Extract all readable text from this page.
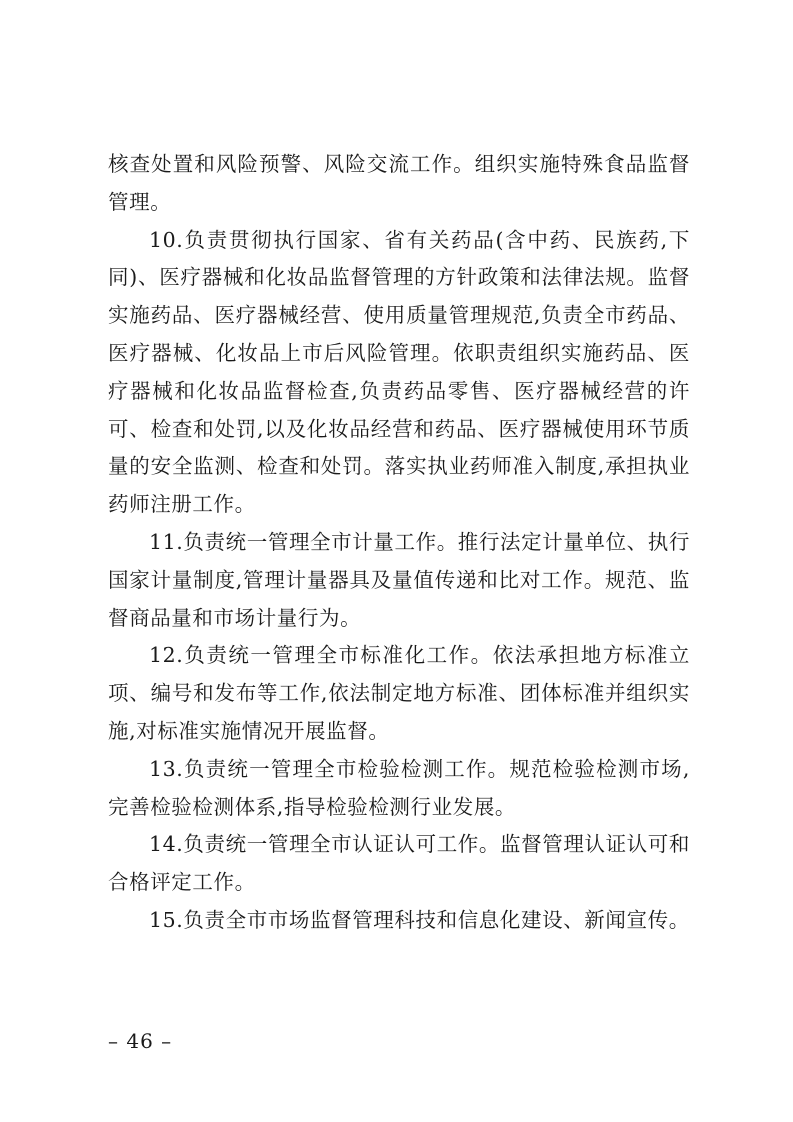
核查处置和风险预警、风险交流工作。组织实施特殊食品监督管理。

10.负责贯彻执行国家、省有关药品(含中药、民族药,下同)、医疗器械和化妆品监督管理的方针政策和法律法规。监督实施药品、医疗器械经营、使用质量管理规范,负责全市药品、医疗器械、化妆品上市后风险管理。依职责组织实施药品、医疗器械和化妆品监督检查,负责药品零售、医疗器械经营的许可、检查和处罚,以及化妆品经营和药品、医疗器械使用环节质量的安全监测、检查和处罚。落实执业药师准入制度,承担执业药师注册工作。

11.负责统一管理全市计量工作。推行法定计量单位、执行国家计量制度,管理计量器具及量值传递和比对工作。规范、监督商品量和市场计量行为。

12.负责统一管理全市标准化工作。依法承担地方标准立项、编号和发布等工作,依法制定地方标准、团体标准并组织实施,对标准实施情况开展监督。

13.负责统一管理全市检验检测工作。规范检验检测市场,完善检验检测体系,指导检验检测行业发展。

14.负责统一管理全市认证认可工作。监督管理认证认可和合格评定工作。

15.负责全市市场监督管理科技和信息化建设、新闻宣传。

– 46 –
